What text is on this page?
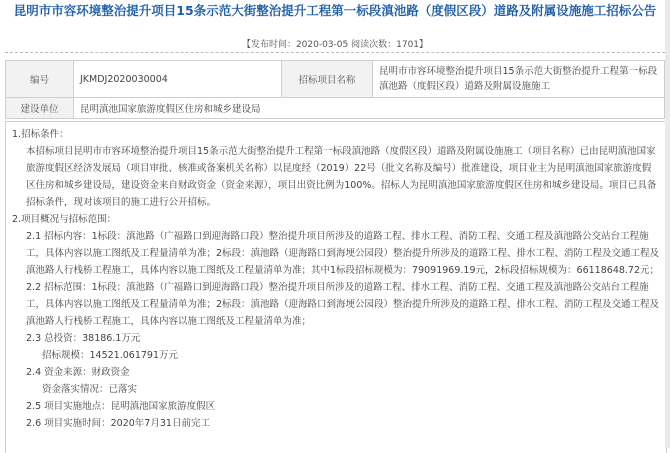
昆明市市容环境整治提升项目15条示范大街整治提升工程第一标段滇池路（度假区段）道路及附属设施施工招标公告
【发布时间：2020-03-05 阅读次数：1701】
编号	JKMDJ2020030004	招标项目名称	昆明市市容环境整治提升项目15条示范大街整治提升工程第一标段滇池路（度假区段）道路及附属设施施工
建设单位	昆明滇池国家旅游度假区住房和城乡建设局		

1.招标条件：

本招标项目昆明市市容环境整治提升项目15条示范大街整治提升工程第一标段滇池路（度假区段）道路及附属设施施工（项目名称）已由昆明滇池国家旅游度假区经济发展局（项目审批、核准或备案机关名称）以昆度经（2019）22号（批文名称及编号）批准建设，项目业主为昆明滇池国家旅游度假区住房和城乡建设局，建设资金来自财政资金（资金来源），项目出资比例为100%。招标人为昆明滇池国家旅游度假区住房和城乡建设局。项目已具备招标条件，现对该项目的施工进行公开招标。

2.项目概况与招标范围：

2.1 招标内容：1标段：滇池路（广福路口到迎海路口段）整治提升项目所涉及的道路工程、排水工程、消防工程、交通工程及滇池路公交站台工程施工，具体内容以施工图纸及工程量清单为准；2标段：滇池路（迎海路口到海埂公园段）整治提升所涉及的道路工程、排水工程、消防工程及交通工程及滇池路人行栈桥工程施工，具体内容以施工图纸及工程量清单为准；其中1标段招标规模为：79091969.19元，2标段招标规模为：66118648.72元；

2.2 招标范围：1标段：滇池路（广福路口到迎海路口段）整治提升项目所涉及的道路工程、排水工程、消防工程、交通工程及滇池路公交站台工程施工，具体内容以施工图纸及工程量清单为准；2标段：滇池路（迎海路口到海埂公园段）整治提升所涉及的道路工程、排水工程、消防工程及交通工程及滇池路人行栈桥工程施工，具体内容以施工图纸及工程量清单为准；

2.3 总投资：38186.1万元

招标规模：14521.061791万元

2.4 资金来源：财政资金

资金落实情况：已落实

2.5 项目实施地点：昆明滇池国家旅游度假区

2.6 项目实施时间：2020年7月31日前完工
